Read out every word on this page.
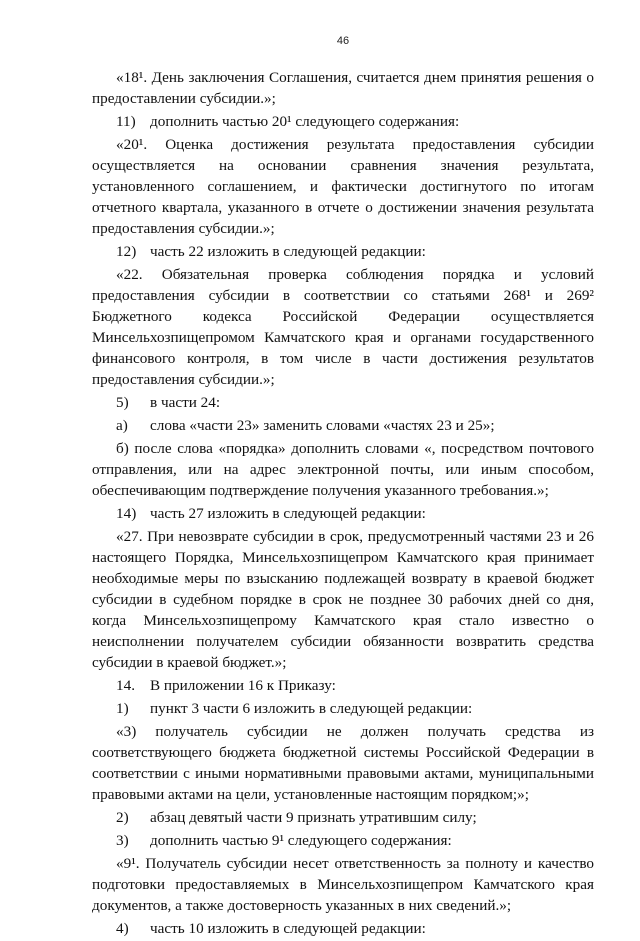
46

«18¹. День заключения Соглашения, считается днем принятия решения о предоставлении субсидии.»;

11) дополнить частью 20¹ следующего содержания:

«20¹. Оценка достижения результата предоставления субсидии осуществляется на основании сравнения значения результата, установленного соглашением, и фактически достигнутого по итогам отчетного квартала, указанного в отчете о достижении значения результата предоставления субсидии.»;

12) часть 22 изложить в следующей редакции:

«22. Обязательная проверка соблюдения порядка и условий предоставления субсидии в соответствии со статьями 268¹ и 269² Бюджетного кодекса Российской Федерации осуществляется Минсельхозпищепромом Камчатского края и органами государственного финансового контроля, в том числе в части достижения результатов предоставления субсидии.»;

5)	в части 24:
а)	слова «части 23» заменить словами «частях 23 и 25»;

б) после слова «порядка» дополнить словами «, посредством почтового отправления, или на адрес электронной почты, или иным способом, обеспечивающим подтверждение получения указанного требования.»;

14) часть 27 изложить в следующей редакции:

«27. При невозврате субсидии в срок, предусмотренный частями 23 и 26 настоящего Порядка, Минсельхозпищепром Камчатского края принимает необходимые меры по взысканию подлежащей возврату в краевой бюджет субсидии в судебном порядке в срок не позднее 30 рабочих дней со дня, когда Минсельхозпищепрому Камчатского края стало известно о неисполнении получателем субсидии обязанности возвратить средства субсидии в краевой бюджет.»;

14. В приложении 16 к Приказу:
1)	пункт 3 части 6 изложить в следующей редакции:

«3) получатель субсидии не должен получать средства из соответствующего бюджета бюджетной системы Российской Федерации в соответствии с иными нормативными правовыми актами, муниципальными правовыми актами на цели, установленные настоящим порядком;»;

2)	абзац девятый части 9 признать утратившим силу;
3)	дополнить частью 9¹ следующего содержания:

«9¹. Получатель субсидии несет ответственность за полноту и качество подготовки предоставляемых в Минсельхозпищепром Камчатского края документов, а также достоверность указанных в них сведений.»;

4)	часть 10 изложить в следующей редакции:
